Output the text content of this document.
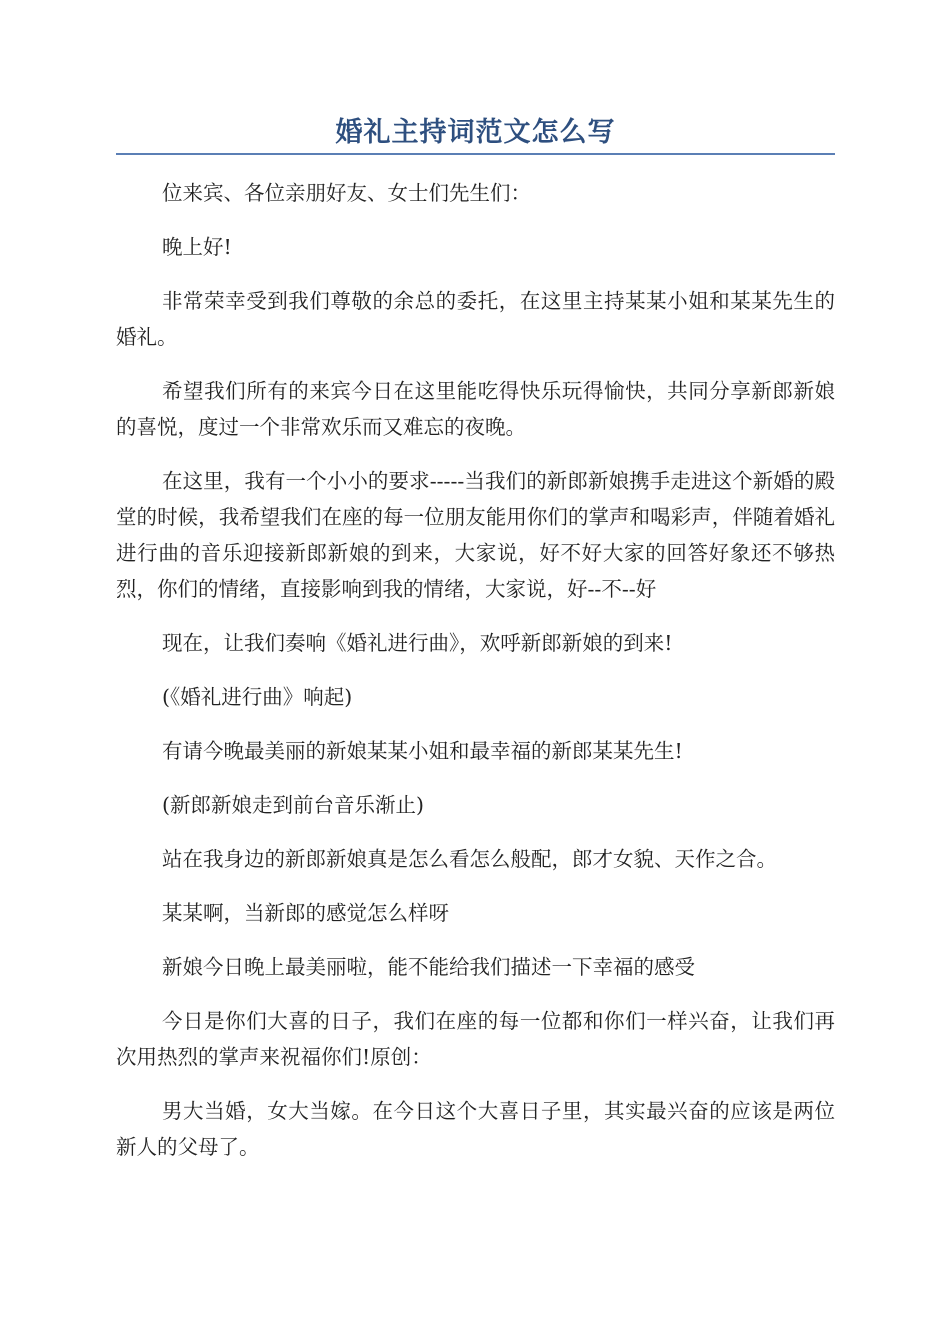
婚礼主持词范文怎么写

位来宾、各位亲朋好友、女士们先生们：

晚上好!

非常荣幸受到我们尊敬的余总的委托，在这里主持某某小姐和某某先生的婚礼。

希望我们所有的来宾今日在这里能吃得快乐玩得愉快，共同分享新郎新娘的喜悦，度过一个非常欢乐而又难忘的夜晚。

在这里，我有一个小小的要求-----当我们的新郎新娘携手走进这个新婚的殿堂的时候，我希望我们在座的每一位朋友能用你们的掌声和喝彩声，伴随着婚礼进行曲的音乐迎接新郎新娘的到来，大家说，好不好大家的回答好象还不够热烈，你们的情绪，直接影响到我的情绪，大家说，好--不--好

现在，让我们奏响《婚礼进行曲》，欢呼新郎新娘的到来!

(《婚礼进行曲》响起)

有请今晚最美丽的新娘某某小姐和最幸福的新郎某某先生!

(新郎新娘走到前台音乐渐止)

站在我身边的新郎新娘真是怎么看怎么般配，郎才女貌、天作之合。

某某啊，当新郎的感觉怎么样呀

新娘今日晚上最美丽啦，能不能给我们描述一下幸福的感受

今日是你们大喜的日子，我们在座的每一位都和你们一样兴奋，让我们再次用热烈的掌声来祝福你们!原创：

男大当婚，女大当嫁。在今日这个大喜日子里，其实最兴奋的应该是两位新人的父母了。
